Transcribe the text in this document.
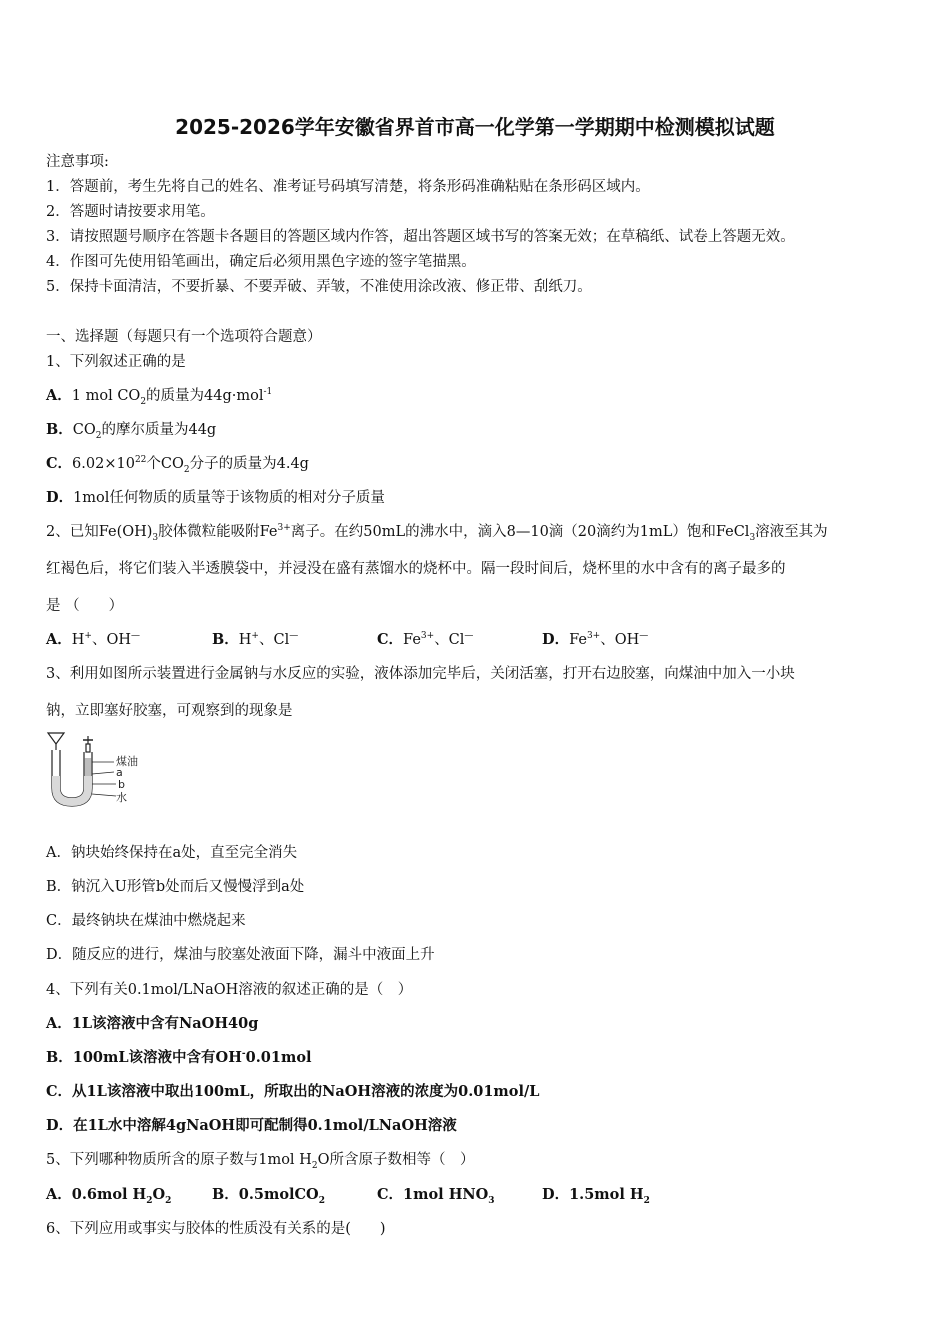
2025-2026学年安徽省界首市高一化学第一学期期中检测模拟试题
注意事项:
1．答题前，考生先将自己的姓名、准考证号码填写清楚，将条形码准确粘贴在条形码区域内。
2．答题时请按要求用笔。
3．请按照题号顺序在答题卡各题目的答题区域内作答，超出答题区域书写的答案无效；在草稿纸、试卷上答题无效。
4．作图可先使用铅笔画出，确定后必须用黑色字迹的签字笔描黑。
5．保持卡面清洁，不要折暴、不要弄破、弄皱，不准使用涂改液、修正带、刮纸刀。
一、选择题（每题只有一个选项符合题意）
1、下列叙述正确的是
A．1 mol $CO_2$的质量为44g·mol$^{-1}$
B．$CO_2$的摩尔质量为44g
C．$6.02\times 10^{22}$个$CO_2$分子的质量为4.4g
D．1mol任何物质的质量等于该物质的相对分子质量
2、已知$Fe(OH)_3$胶体微粒能吸附$Fe^{3+}$离子。在约50mL的沸水中，滴入8—10滴（20滴约为1mL）饱和FeCl$_3$溶液至其为
红褐色后，将它们装入半透膜袋中，并浸没在盛有蒸馏水的烧杯中。隔一段时间后，烧杯里的水中含有的离子最多的
是 （　　）
A．H+、OH—	B．H+、Cl—	C．$Fe^{3+}$、Cl—	D．$Fe^{3+}$、OH—
3、利用如图所示装置进行金属钠与水反应的实验，液体添加完毕后，关闭活塞，打开右边胶塞，向煤油中加入一小块
钠，立即塞好胶塞，可观察到的现象是
煤油
a
b
水
A．钠块始终保持在a处，直至完全消失
B．钠沉入U形管b处而后又慢慢浮到a处
C．最终钠块在煤油中燃烧起来
D．随反应的进行，煤油与胶塞处液面下降，漏斗中液面上升
4、下列有关0.1mol/LNaOH溶液的叙述正确的是（　）
A．1L该溶液中含有NaOH40g
B．100mL该溶液中含有OH-0.01mol
C．从1L该溶液中取出100mL，所取出的NaOH溶液的浓度为0.01mol/L
D．在1L水中溶解4gNaOH即可配制得0.1mol/LNaOH溶液
5、下列哪种物质所含的原子数与1mol $H_2O$所含原子数相等（　）
A．0.6mol $H_2O_2$	B．0.5molCO$_2$	C．1mol $HNO_3$	D．1.5mol $H_2$
6、下列应用或事实与胶体的性质没有关系的是(　　)
